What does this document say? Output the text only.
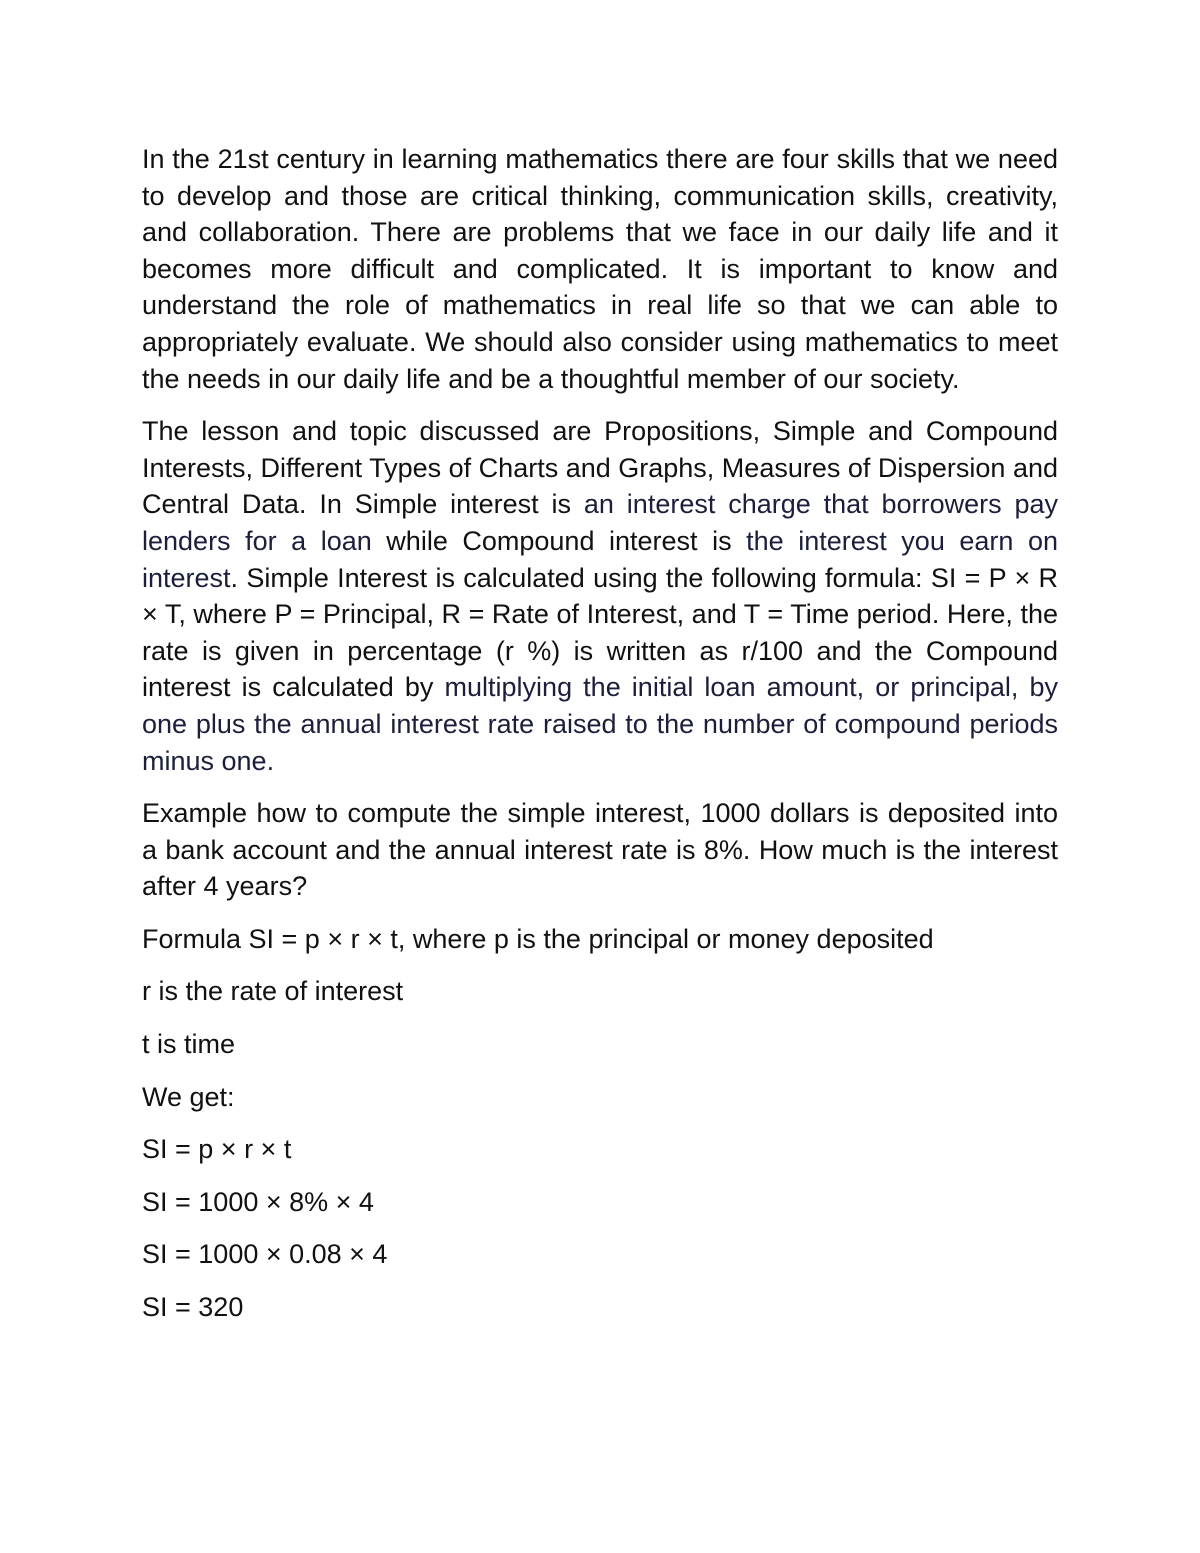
In the 21st century in learning mathematics there are four skills that we need to develop and those are critical thinking, communication skills, creativity, and collaboration. There are problems that we face in our daily life and it becomes more difficult and complicated. It is important to know and understand the role of mathematics in real life so that we can able to appropriately evaluate. We should also consider using mathematics to meet the needs in our daily life and be a thoughtful member of our society.

The lesson and topic discussed are Propositions, Simple and Compound Interests, Different Types of Charts and Graphs, Measures of Dispersion and Central Data. In Simple interest is an interest charge that borrowers pay lenders for a loan while Compound interest is the interest you earn on interest. Simple Interest is calculated using the following formula: SI = P × R × T, where P = Principal, R = Rate of Interest, and T = Time period. Here, the rate is given in percentage (r %) is written as r/100 and the Compound interest is calculated by multiplying the initial loan amount, or principal, by one plus the annual interest rate raised to the number of compound periods minus one.

Example how to compute the simple interest, 1000 dollars is deposited into a bank account and the annual interest rate is 8%. How much is the interest after 4 years?

Formula SI = p × r × t, where p is the principal or money deposited

r is the rate of interest

t is time

We get:

SI = p × r × t

SI = 1000 × 8% × 4

SI = 1000 × 0.08 × 4

SI = 320
